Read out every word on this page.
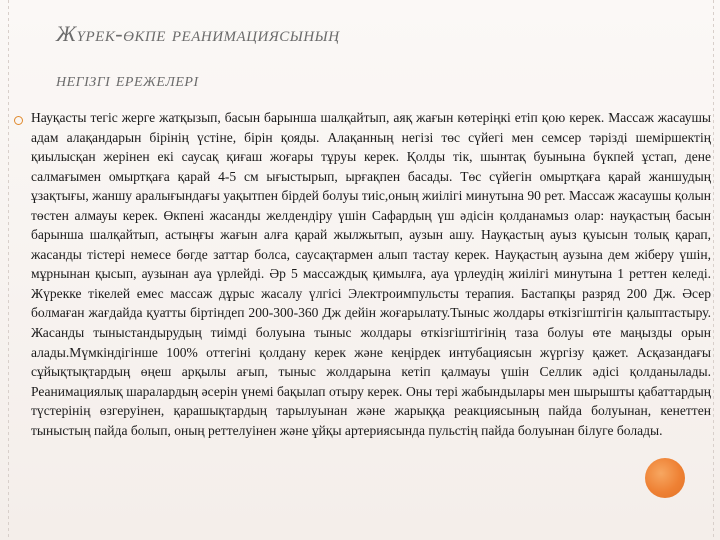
Жүрек-өкпе реанимациясының
негізгі ережелері
Науқасты тегіс жерге жатқызып, басын барынша шалқайтып, аяқ жағын көтеріңкі етіп қою керек. Массаж жасаушы адам алақандарын бірінің үстіне, бірін қояды. Алақанның негізі төс сүйегі мен семсер тәрізді шеміршектің қиылысқан жерінен екі саусақ қиғаш жоғары тұруы керек. Қолды тік, шынтақ буынына бүкпей ұстап, дене салмағымен омыртқаға қарай 4-5 см ығыстырып, ырғақпен басады. Төс сүйегін омыртқаға қарай жаншудың ұзақтығы, жаншу аралығындағы уақытпен бірдей болуы тиіс,оның жиілігі минутына 90 рет. Массаж жасаушы қолын төстен алмауы керек. Өкпені жасанды желдендіру үшін Сафардың үш әдісін қолданамыз олар: науқастың басын барынша шалқайтып, астыңғы жағын алға қарай жылжытып, аузын ашу. Науқастың ауыз қуысын толық қарап, жасанды тістері немесе бөгде заттар болса, саусақтармен алып тастау керек. Науқастың аузына дем жіберу үшін, мұрнынан қысып, аузынан ауа үрлейді. Әр 5 массаждық қимылға, ауа үрлеудің жиілігі минутына 1 реттен келеді. Жүрекке тікелей емес массаж дұрыс жасалу үлгісі Электроимпульсты терапия. Бастапқы разряд 200 Дж. Әсер болмаған жағдайда қуатты біртіндеп 200-300-360 Дж дейін жоғарылату.Тыныс жолдары өткізгіштігін қалыптастыру. Жасанды тыныстандырудың тиімді болуына тыныс жолдары өткізгіштігінің таза болуы өте маңызды орын алады.Мүмкіндігінше 100% оттегіні қолдану керек және кеңірдек интубациясын жүргізу қажет. Асқазандағы сұйықтықтардың өңеш арқылы ағып, тыныс жолдарына кетіп қалмауы үшін Селлик әдісі қолданылады. Реанимациялық шаралардың әсерін үнемі бақылап отыру керек. Оны тері жабындылары мен шырышты қабаттардың түстерінің өзгеруінен, қарашықтардың тарылуынан және жарыққа реакциясының пайда болуынан, кенеттен тыныстың пайда болып, оның реттелуінен және ұйқы артериясында пульстің пайда болуынан білуге болады.
